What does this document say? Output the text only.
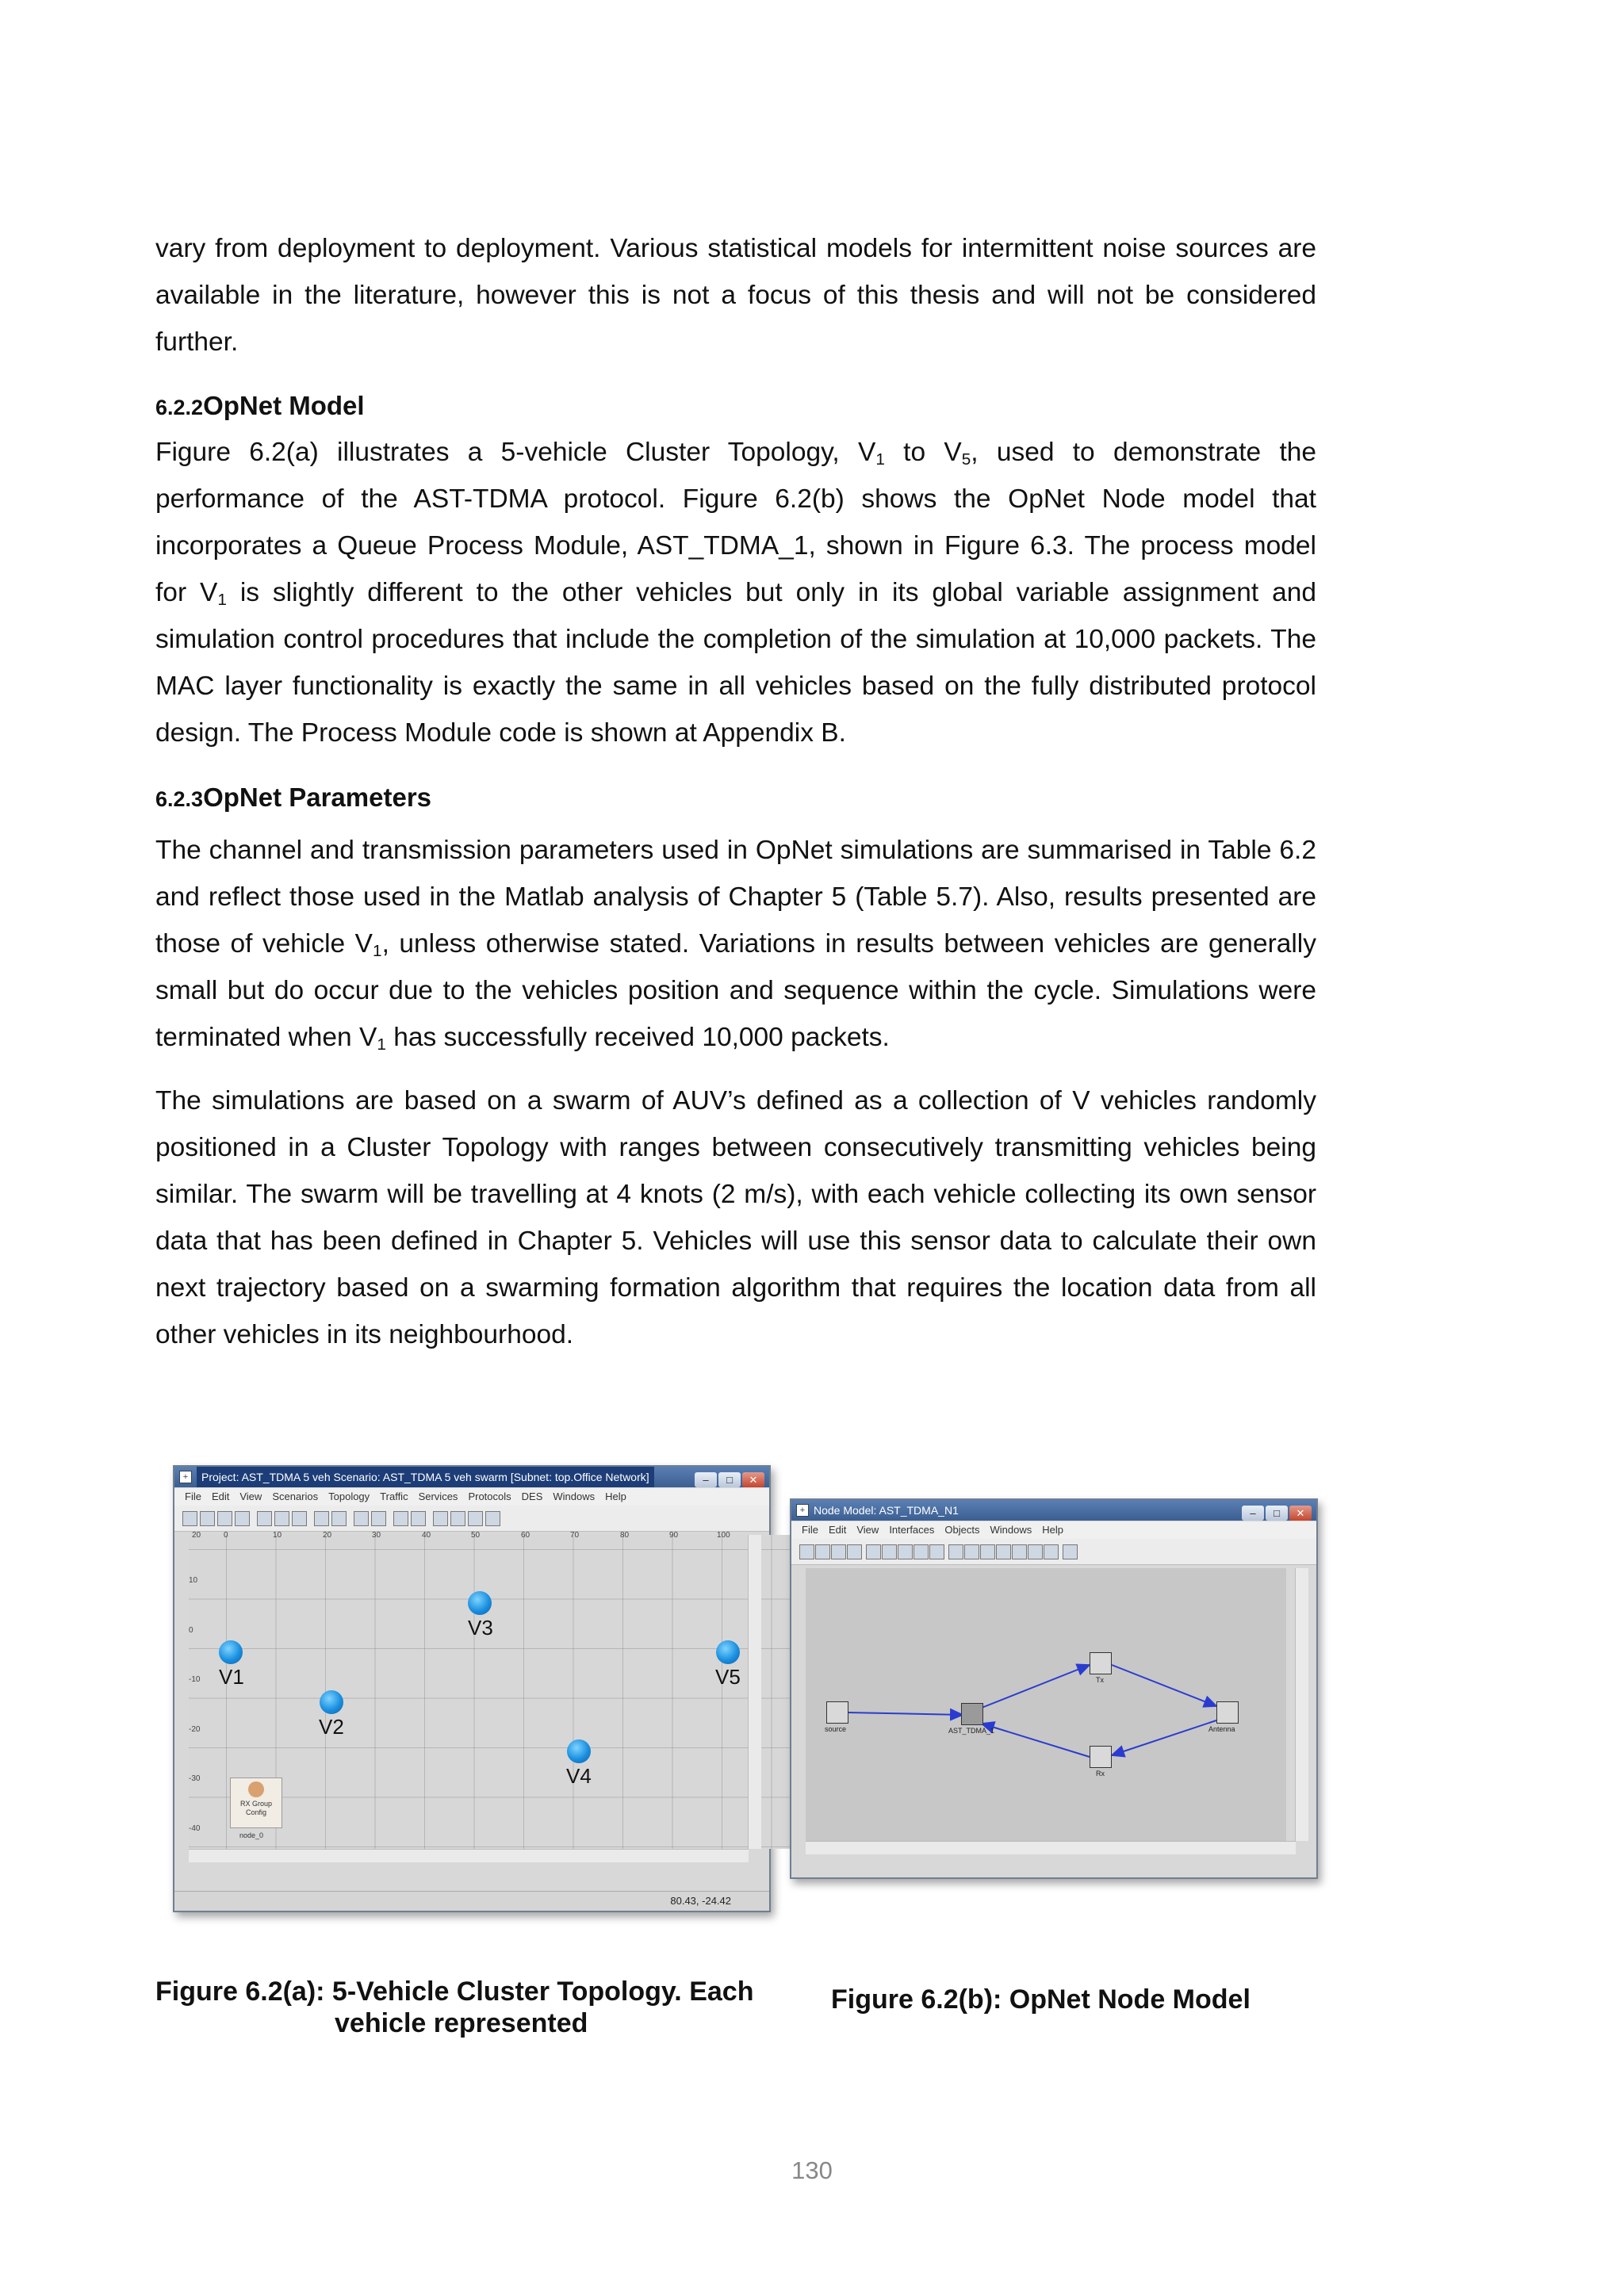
vary from deployment to deployment. Various statistical models for intermittent noise sources are available in the literature, however this is not a focus of this thesis and will not be considered further.

6.2.2OpNet Model

Figure 6.2(a) illustrates a 5-vehicle Cluster Topology, $V_1$ to $V_5$, used to demonstrate the performance of the AST-TDMA protocol. Figure 6.2(b) shows the OpNet Node model that incorporates a Queue Process Module, AST_TDMA_1, shown in Figure 6.3. The process model for $V_1$ is slightly different to the other vehicles but only in its global variable assignment and simulation control procedures that include the completion of the simulation at 10,000 packets. The MAC layer functionality is exactly the same in all vehicles based on the fully distributed protocol design. The Process Module code is shown at Appendix B.

6.2.3OpNet Parameters

The channel and transmission parameters used in OpNet simulations are summarised in Table 6.2 and reflect those used in the Matlab analysis of Chapter 5 (Table 5.7). Also, results presented are those of vehicle $V_1$, unless otherwise stated. Variations in results between vehicles are generally small but do occur due to the vehicles position and sequence within the cycle. Simulations were terminated when $V_1$ has successfully received 10,000 packets.

The simulations are based on a swarm of AUV’s defined as a collection of V vehicles randomly positioned in a Cluster Topology with ranges between consecutively transmitting vehicles being similar. The swarm will be travelling at 4 knots (2 m/s), with each vehicle collecting its own sensor data that has been defined in Chapter 5. Vehicles will use this sensor data to calculate their own next trajectory based on a swarming formation algorithm that requires the location data from all other vehicles in its neighbourhood.

+ Project: AST_TDMA 5 veh Scenario: AST_TDMA 5 veh swarm [Subnet: top.Office Network]	– □ ✕
File Edit View Scenarios Topology Traffic Services Protocols DES Windows Help
20	0	10	20	30	40	50	60	70	80	90	100
10
0
-10
-20
-30
-40
V1
V2
V3
V4
V5
RX Group Config
node_0
80.43, -24.42
+ Node Model: AST_TDMA_N1	– □ ✕
File Edit View Interfaces Objects Windows Help
source	AST_TDMA_1
Tx
Rx
Antenna

Figure 6.2(a): 5-Vehicle Cluster Topology. Each
vehicle represented

Figure 6.2(b): OpNet Node Model

130
